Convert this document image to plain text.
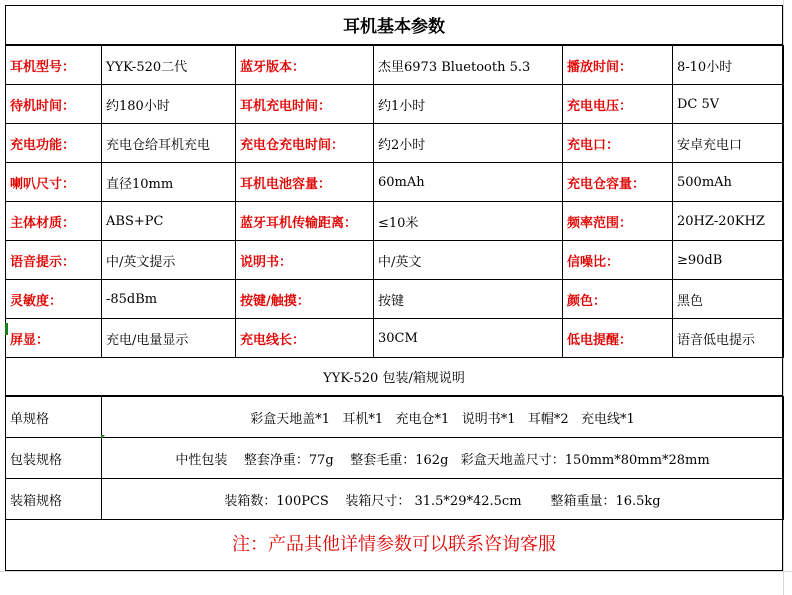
耳机基本参数
耳机型号：	YYK-520二代	蓝牙版本：	杰里6973 Bluetooth 5.3	播放时间：	8-10小时
待机时间：	约180小时	耳机充电时间：	约1小时	充电电压：	DC 5V
充电功能：	充电仓给耳机充电	充电仓充电时间：	约2小时	充电口：	安卓充电口
喇叭尺寸：	直径10mm	耳机电池容量：	60mAh	充电仓容量：	500mAh
主体材质：	ABS+PC	蓝牙耳机传输距离：	≤10米	频率范围：	20HZ-20KHZ
语音提示：	中/英文提示	说明书：	中/英文	信噪比：	≥90dB
灵敏度：	-85dBm	按键/触摸：	按键	颜色：	黑色
屏显：	充电/电量显示	充电线长：	30CM	低电提醒：	语音低电提示
YYK-520 包装/箱规说明
单规格	彩盒天地盖*1   耳机*1   充电仓*1   说明书*1   耳帽*2   充电线*1
包装规格	中性包装    整套净重：77g    整套毛重：162g   彩盒天地盖尺寸：150mm*80mm*28mm
装箱规格	装箱数：100PCS    装箱尺寸： 31.5*29*42.5cm       整箱重量：16.5kg
注：产品其他详情参数可以联系咨询客服
